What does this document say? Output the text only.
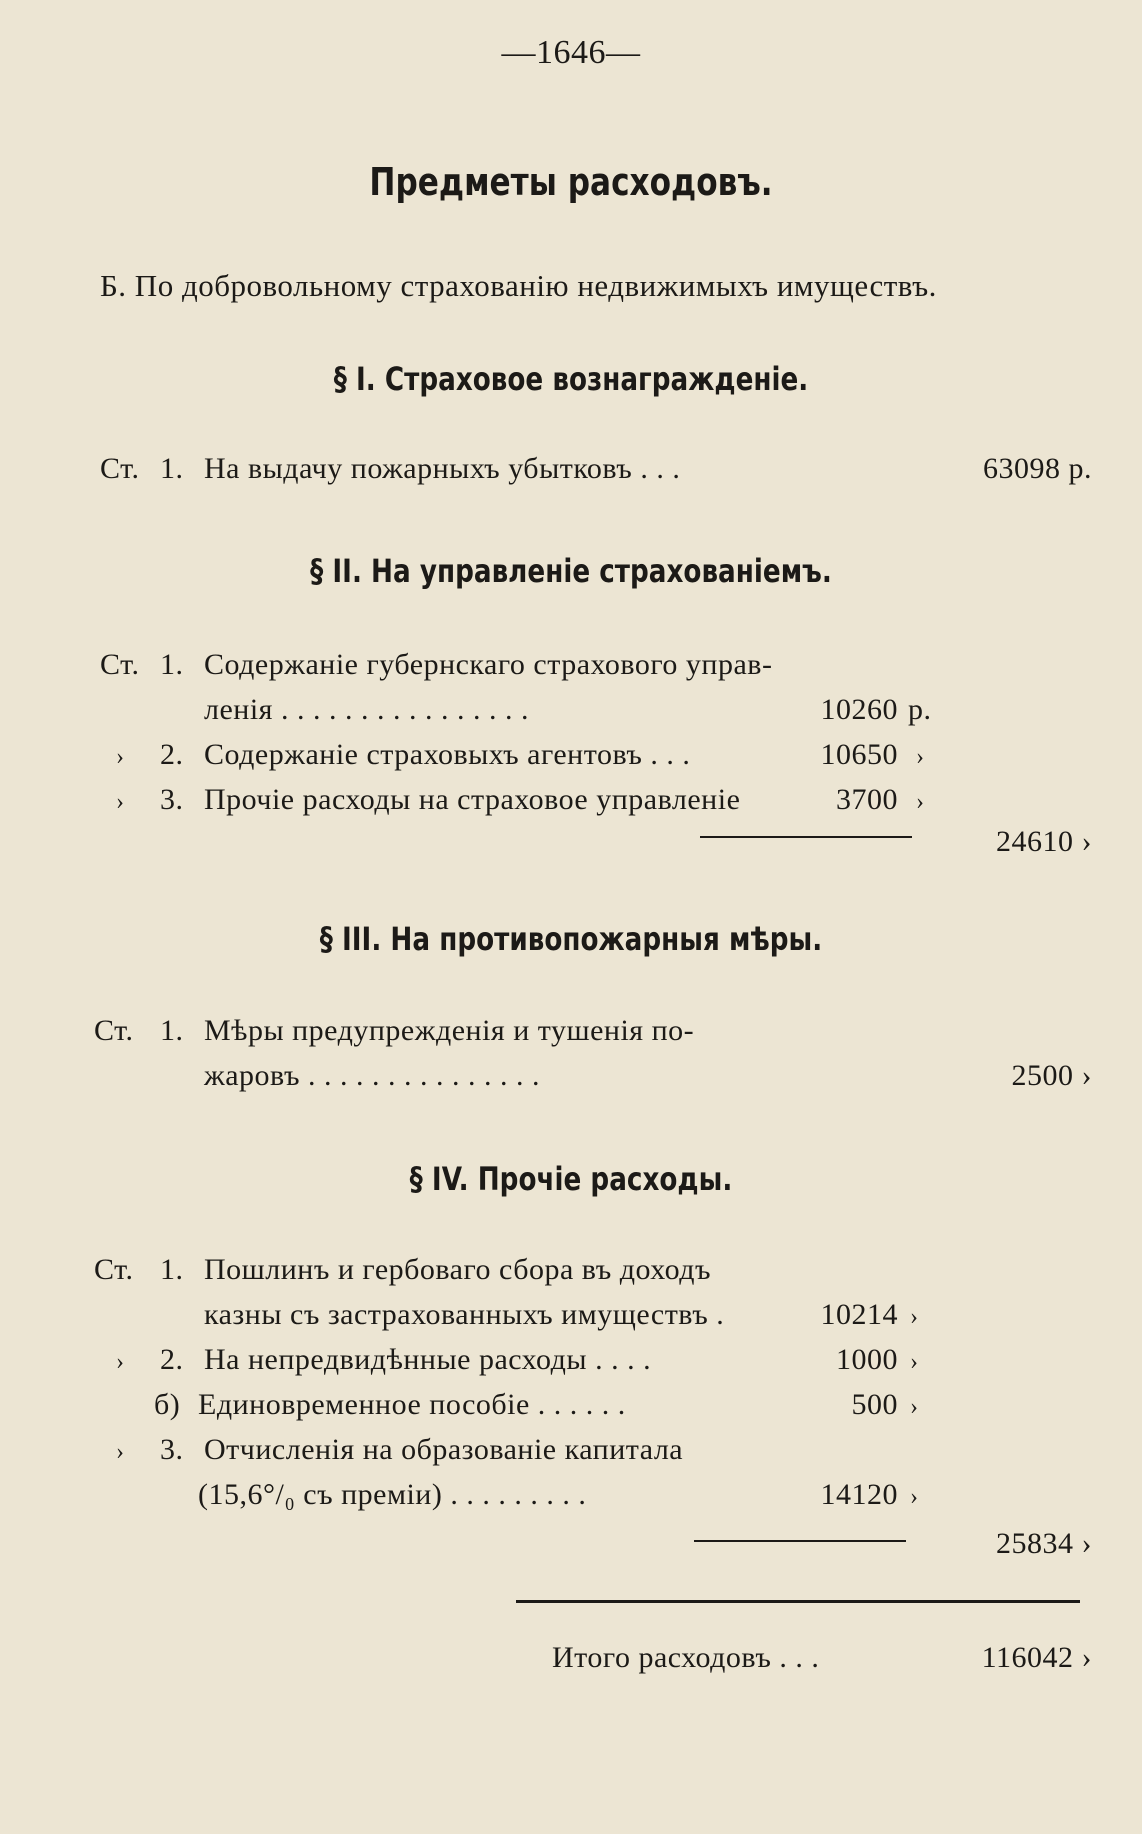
—1646—
Предметы расходовъ.
Б. По добровольному страхованію недвижимыхъ имуществъ.
§ I. Страховое вознагражденіе.
Ст. 1. На выдачу пожарныхъ убытковъ . . .	63098 р.
§ II. На управленіе страхованіемъ.
Ст. 1. Содержаніе губернскаго страхового управ-
ленія . . . . . . . . . . . . . . . .	10260 р.
› 2. Содержаніе страховыхъ агентовъ . . .	10650 ›
› 3. Прочіе расходы на страховое управленіе	3700 ›
24610 ›
§ III. На противопожарныя мѣры.
Ст. 1. Мѣры предупрежденія и тушенія по-
жаровъ . . . . . . . . . . . . . . .	2500 ›
§ IV. Прочіе расходы.
Ст. 1. Пошлинъ и гербоваго сбора въ доходъ
казны съ застрахованныхъ имуществъ .	10214 ›
› 2. На непредвидѣнные расходы . . . .	1000 ›
б) Единовременное пособіе . . . . . .	500 ›
› 3. Отчисленія на образованіе капитала
(15,6°/₀ съ преміи) . . . . . . . . .	14120 ›
25834 ›
Итого расходовъ . . .	116042 ›
